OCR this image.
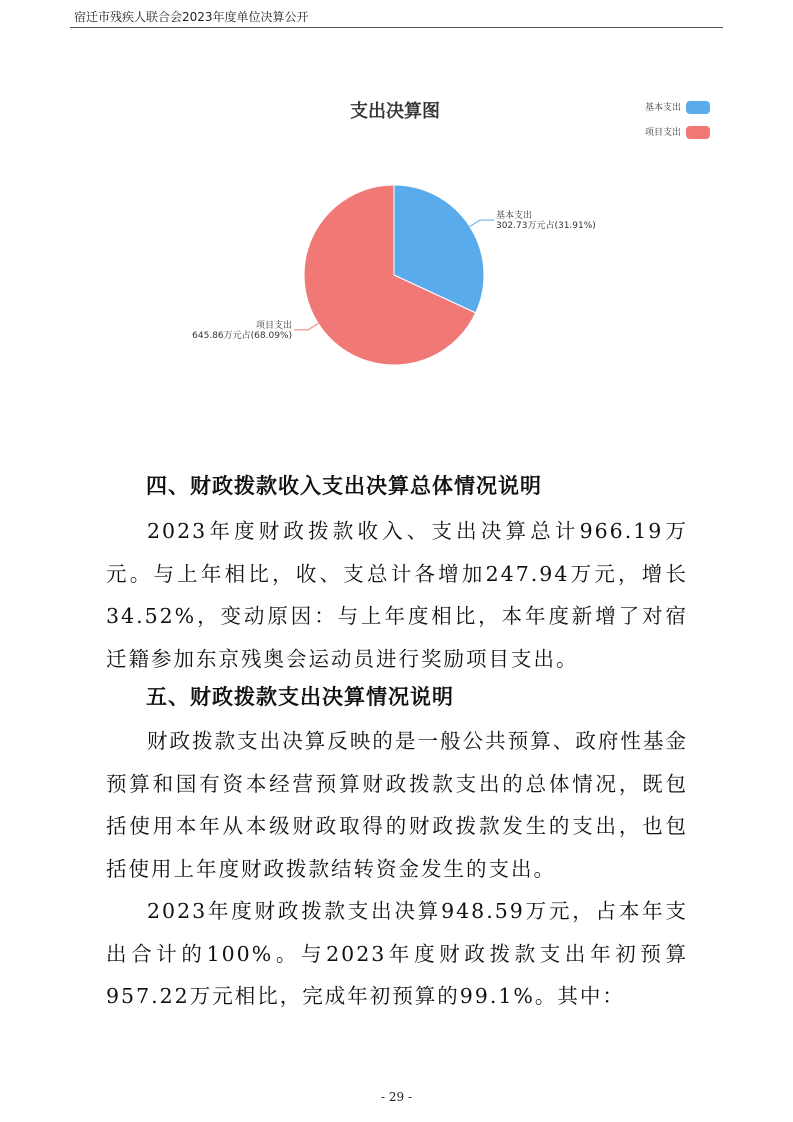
宿迁市残疾人联合会2023年度单位决算公开
支出决算图	基本支出
项目支出
基本支出
302.73万元占(31.91%)
项目支出
645.86万元占(68.09%)
四、财政拨款收入支出决算总体情况说明

2023年度财政拨款收入、支出决算总计966.19万元。与上年相比，收、支总计各增加247.94万元，增长34.52%，变动原因：与上年度相比，本年度新增了对宿迁籍参加东京残奥会运动员进行奖励项目支出。

五、财政拨款支出决算情况说明

财政拨款支出决算反映的是一般公共预算、政府性基金预算和国有资本经营预算财政拨款支出的总体情况，既包括使用本年从本级财政取得的财政拨款发生的支出，也包括使用上年度财政拨款结转资金发生的支出。

2023年度财政拨款支出决算948.59万元，占本年支出合计的100%。与2023年度财政拨款支出年初预算957.22万元相比，完成年初预算的99.1%。其中：

- 29 -
